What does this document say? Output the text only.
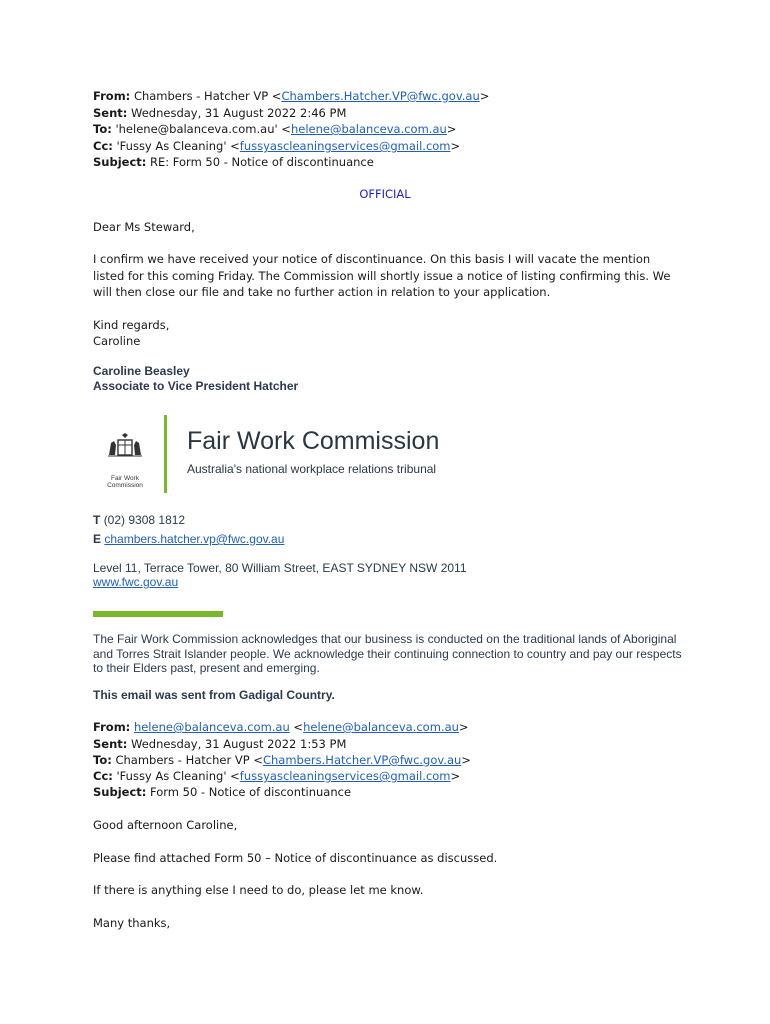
From: Chambers - Hatcher VP <Chambers.Hatcher.VP@fwc.gov.au>
Sent: Wednesday, 31 August 2022 2:46 PM
To: 'helene@balanceva.com.au' <helene@balanceva.com.au>
Cc: 'Fussy As Cleaning' <fussyascleaningservices@gmail.com>
Subject: RE: Form 50 - Notice of discontinuance
OFFICIAL
Dear Ms Steward,
I confirm we have received your notice of discontinuance. On this basis I will vacate the mention listed for this coming Friday. The Commission will shortly issue a notice of listing confirming this. We will then close our file and take no further action in relation to your application.
Kind regards,
Caroline
Caroline Beasley
Associate to Vice President Hatcher
Fair Work
Commission
Fair Work Commission
Australia's national workplace relations tribunal
T (02) 9308 1812
E chambers.hatcher.vp@fwc.gov.au
Level 11, Terrace Tower, 80 William Street, EAST SYDNEY NSW 2011
www.fwc.gov.au
The Fair Work Commission acknowledges that our business is conducted on the traditional lands of Aboriginal and Torres Strait Islander people. We acknowledge their continuing connection to country and pay our respects to their Elders past, present and emerging.
This email was sent from Gadigal Country.
From: helene@balanceva.com.au <helene@balanceva.com.au>
Sent: Wednesday, 31 August 2022 1:53 PM
To: Chambers - Hatcher VP <Chambers.Hatcher.VP@fwc.gov.au>
Cc: 'Fussy As Cleaning' <fussyascleaningservices@gmail.com>
Subject: Form 50 - Notice of discontinuance
Good afternoon Caroline,
Please find attached Form 50 – Notice of discontinuance as discussed.
If there is anything else I need to do, please let me know.
Many thanks,
